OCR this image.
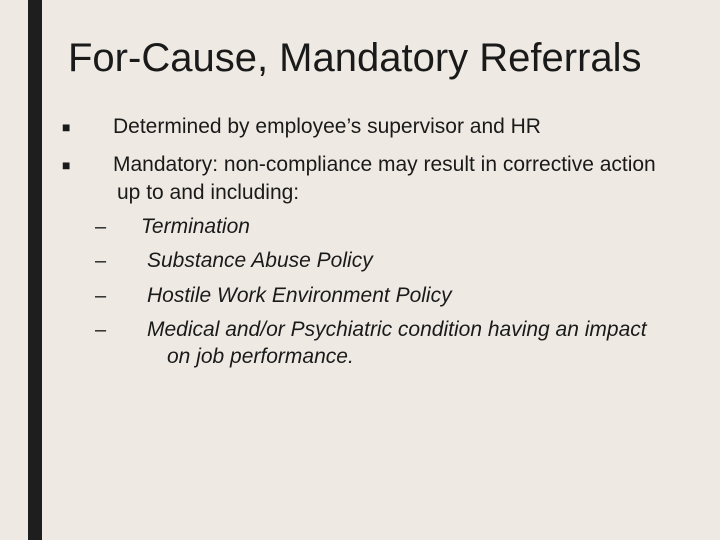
For-Cause, Mandatory Referrals
■ Determined by employee’s supervisor and HR
■ Mandatory: non-compliance may result in corrective action
up to and including:
– Termination
– Substance Abuse Policy
– Hostile Work Environment Policy
– Medical and/or Psychiatric condition having an impact
on job performance.
